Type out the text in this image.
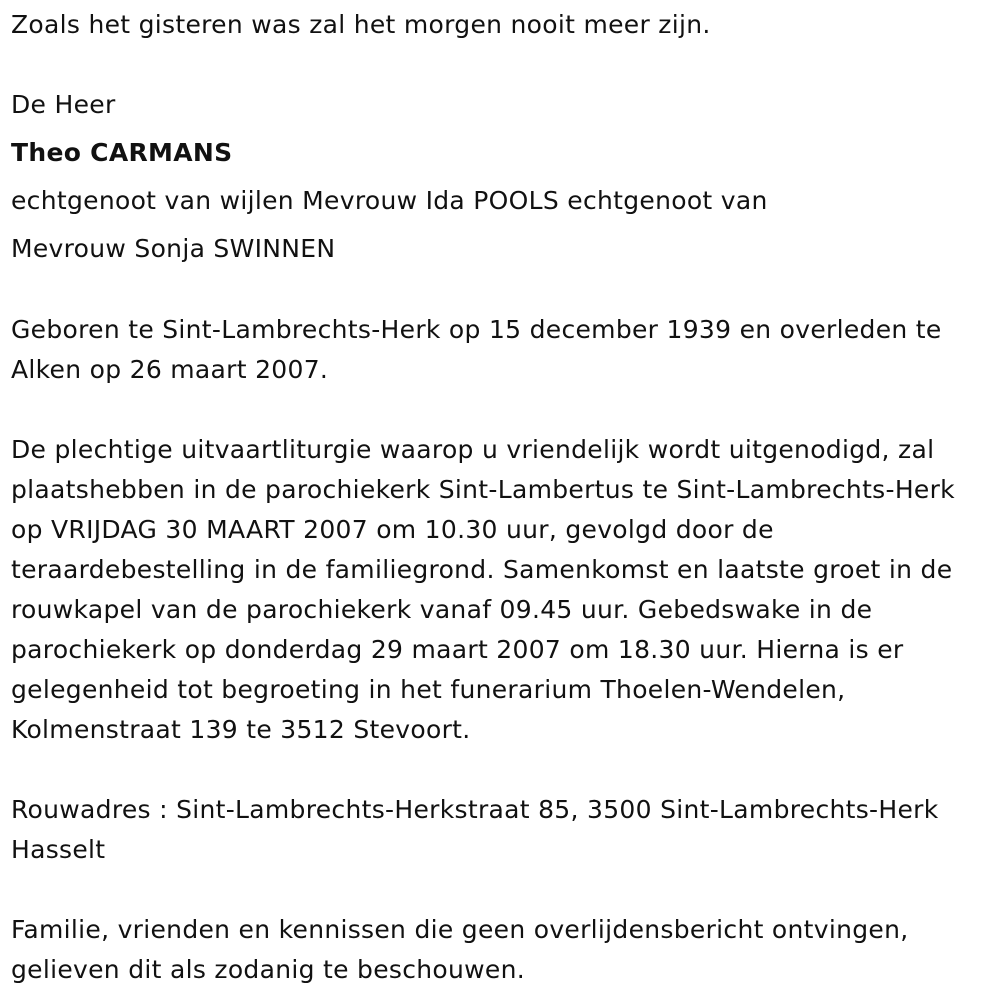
Zoals het gisteren was zal het morgen nooit meer zijn.
De Heer
Theo CARMANS
echtgenoot van wijlen Mevrouw Ida POOLS echtgenoot van
Mevrouw Sonja SWINNEN
Geboren te Sint-Lambrechts-Herk op 15 december 1939 en overleden te Alken op 26 maart 2007.
De plechtige uitvaartliturgie waarop u vriendelijk wordt uitgenodigd, zal plaatshebben in de parochiekerk Sint-Lambertus te Sint-Lambrechts-Herk op VRIJDAG 30 MAART 2007 om 10.30 uur, gevolgd door de teraardebestelling in de familiegrond. Samenkomst en laatste groet in de rouwkapel van de parochiekerk vanaf 09.45 uur. Gebedswake in de parochiekerk op donderdag 29 maart 2007 om 18.30 uur. Hierna is er gelegenheid tot begroeting in het funerarium Thoelen-Wendelen, Kolmenstraat 139 te 3512 Stevoort.
Rouwadres : Sint-Lambrechts-Herkstraat 85, 3500 Sint-Lambrechts-Herk Hasselt
Familie, vrienden en kennissen die geen overlijdensbericht ontvingen, gelieven dit als zodanig te beschouwen.
